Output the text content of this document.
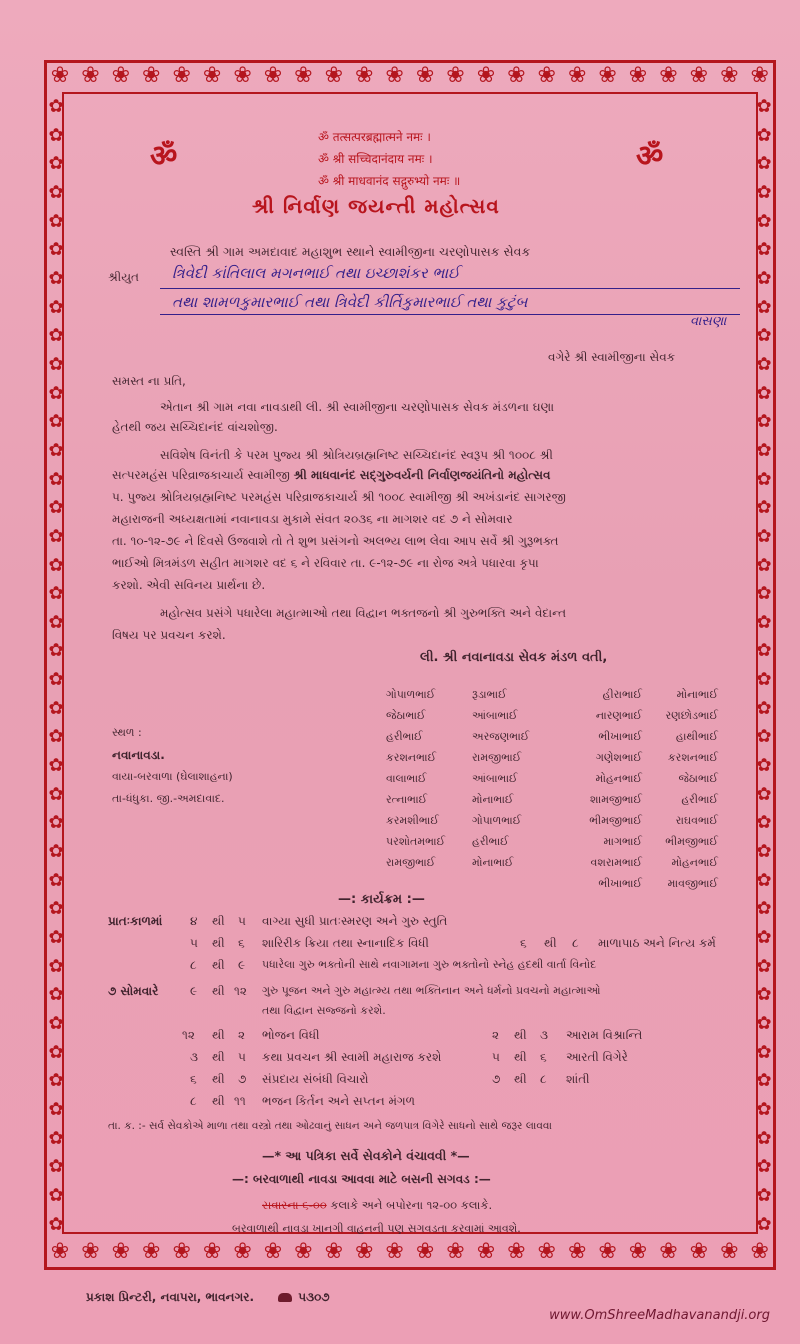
❀ ❀ ❀ ❀ ❀ ❀ ❀ ❀ ❀ ❀ ❀ ❀ ❀ ❀ ❀ ❀ ❀ ❀ ❀ ❀ ❀ ❀ ❀ ❀
❀ ❀ ❀ ❀ ❀ ❀ ❀ ❀ ❀ ❀ ❀ ❀ ❀ ❀ ❀ ❀ ❀ ❀ ❀ ❀ ❀ ❀ ❀ ❀
✿
✿
✿
✿
✿
✿
✿
✿
✿
✿
✿
✿
✿
✿
✿
✿
✿
✿
✿
✿
✿
✿
✿
✿
✿
✿
✿
✿
✿
✿
✿
✿
✿
✿
✿
✿
✿
✿
✿
✿
✿
✿
✿
✿
✿
✿
✿
✿
✿
✿
✿
✿
✿
✿
✿
✿
✿
✿
✿
✿
✿
✿
✿
✿
✿
✿
✿
✿
✿
✿
✿
✿
✿
✿
✿
✿
✿
✿
✿
✿
ॐ	ॐ
ॐ तत्सत्परब्रह्मात्मने नमः ।
ॐ श्री सच्चिदानंदाय नमः ।
ॐ श्री माधवानंद सद्गुरुभ्यो नमः ॥
શ્રી નિર્વાણ જયન્તી મહોત્સવ
સ્વસ્તિ શ્રી ગામ અમદાવાદ મહાશુભ સ્થાને સ્વામીજીના ચરણોપાસક સેવક
શ્રીયુત ત્રિવેદી કાંતિલાલ મગનભાઈ તથા ઇચ્છાશંકર ભાઈ
તથા શામળકુમારભાઈ તથા ત્રિવેદી કીર્તિકુમારભાઈ તથા કુટુંબ
વાસણા
વગેરે શ્રી સ્વામીજીના સેવક
સમસ્ત ના પ્રતિ,
એતાન શ્રી ગામ નવા નાવડાથી લી. શ્રી સ્વામીજીના ચરણોપાસક સેવક મંડળના ઘણા
હેતથી જય સચ્ચિદાનંદ વાંચશોજી.
સવિશેષ વિનંતી કે પરમ પુજ્ય શ્રી શ્રોત્રિયબ્રહ્મનિષ્ટ સચ્ચિદાનંદ સ્વરૂપ શ્રી ૧૦૦૮ શ્રી
સત્પરમહંસ પરિવ્રાજકાચાર્ય સ્વામીજી શ્રી માધવાનંદ સદ્ગુરુવર્યની નિર્વાણજયંતિનો મહોત્સવ
પ. પુજ્ય શ્રોત્રિયબ્રહ્મનિષ્ટ પરમહંસ પરિવ્રાજકાચાર્ય શ્રી ૧૦૦૮ સ્વામીજી શ્રી અખંડાનંદ સાગરજી
મહારાજની અધ્યક્ષતામાં નવાનાવડા મુકામે સંવત ૨૦૩૬ ના માગશર વદ ૭ ને સોમવાર
તા. ૧૦-૧૨-૭૯ ને દિવસે ઉજવાશે તો તે શુભ પ્રસંગનો અલભ્ય લાભ લેવા આપ સર્વે શ્રી ગુરૂભક્ત
ભાઈઓ મિત્રમંડળ સહીત માગશર વદ ૬ ને રવિવાર તા. ૯-૧૨-૭૯ ના રોજ અત્રે પધારવા કૃપા
કરશો. એવી સવિનય પ્રાર્થના છે.
મહોત્સવ પ્રસંગે પધારેલા મહાત્માઓ તથા વિદ્વાન ભક્તજનો શ્રી ગુરુભક્તિ અને વેદાન્ત
વિષય પર પ્રવચન કરશે.
લી. શ્રી નવાનાવડા સેવક મંડળ વતી,
સ્થળ :
નવાનાવડા.
વાયા-બરવાળા (ઘેલાશાહના)
તા-ધંધુકા. જી.-અમદાવાદ.
ગોપાળભાઈ	રૂડાભાઈ	હીરાભાઈ	મોનાભાઈ
જેઠાભાઈ	આંબાભાઈ	નારણભાઈ	રણછોડભાઈ
હરીભાઈ	અરજણભાઈ	ભીખાભાઈ	હાથીભાઈ
કરશનભાઈ	રામજીભાઈ	ગણેશભાઈ	કરશનભાઈ
વાલાભાઈ	આંબાભાઈ	મોહનભાઈ	જેઠાભાઈ
રત્નાભાઈ	મોનાભાઈ	શામજીભાઈ	હરીભાઈ
કરમશીભાઈ	ગોપાળભાઈ	ભીમજીભાઈ	રાઘવભાઈ
પરશોતમભાઈ	હરીભાઈ	માગભાઈ	ભીમજીભાઈ
રામજીભાઈ	મોનાભાઈ	વશરામભાઈ	મોહનભાઈ
ભીખાભાઈ	માવજીભાઈ
—: કાર્યક્રમ :—
પ્રાતઃકાળમાં ૪ થી ૫ વાગ્યા સુધી પ્રાતઃસ્મરણ અને ગુરુ સ્તુતિ
૫ થી ૬ શારિરીક ક્રિયા તથા સ્નાનાદિક વિધી	૬ થી ૮ માળાપાઠ અને નિત્ય કર્મ
૮ થી ૯ પધારેલા ગુરુ ભક્તોની સાથે નવાગામના ગુરુ ભક્તોનો સ્નેહ હદથી વાર્તા વિનોદ
૭ સોમવારે	૯ થી ૧૨ ગુરુ પૂજન અને ગુરુ મહાત્મ્ય તથા ભક્તિનાન અને ધર્મનો પ્રવચનો મહાત્માઓ
તથા વિદ્વાન સજ્જનો કરશે.
૧૨ થી ૨ ભોજન વિધી	૨ થી ૩ આરામ વિશ્રાન્તિ
૩ થી ૫ કથા પ્રવચન શ્રી સ્વામી મહારાજ કરશે	૫ થી ૬ આરતી વિગેરે
૬ થી ૭ સંપ્રદાય સંબંધી વિચારો	૭ થી ૮ શાંતી
૮ થી ૧૧ ભજન કિર્તન અને સપ્તન મંગળ
તા. ક. :- સર્વ સેવકોએ માળા તથા વસ્ત્રો તથા ઓઢવાનું સાધન અને જળપાત્ર વિગેરે સાધનો સાથે જરૂર લાવવા
—* આ પત્રિકા સર્વે સેવકોને વંચાવવી *—
—: બરવાળાથી નાવડા આવવા માટે બસની સગવડ :—
સવારના ૬-૦૦ કલાકે અને બપોરના ૧૨-૦૦ કલાકે.
બરવાળાથી નાવડા ખાનગી વાહનની પણ સગવડતા કરવામાં આવશે.
પ્રકાશ પ્રિન્ટરી, નવાપરા, ભાવનગર.	૫૩૦૭
www.OmShreeMadhavanandji.org
